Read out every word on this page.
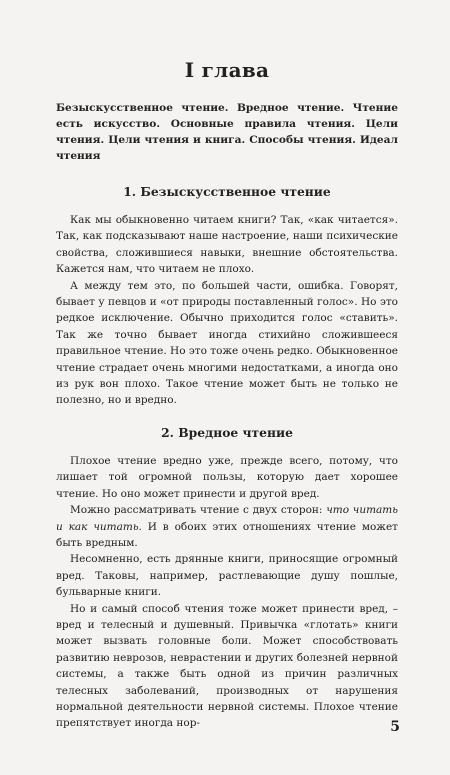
I глава

Безыскусственное чтение. Вредное чтение. Чтение есть искусство. Основные правила чтения. Цели чтения. Цели чтения и книга. Способы чтения. Идеал чтения

1. Безыскусственное чтение

Как мы обыкновенно читаем книги? Так, «как читается». Так, как подсказывают наше настроение, наши психические свойства, сложившиеся навыки, внешние обстоятельства. Кажется нам, что читаем не плохо.

А между тем это, по большей части, ошибка. Говорят, бывает у певцов и «от природы поставленный голос». Но это редкое исключение. Обычно приходится голос «ставить». Так же точно бывает иногда стихийно сложившееся правильное чтение. Но это тоже очень редко. Обыкновенное чтение страдает очень многими недостатками, а иногда оно из рук вон плохо. Такое чтение может быть не только не полезно, но и вредно.

2. Вредное чтение

Плохое чтение вредно уже, прежде всего, потому, что лишает той огромной пользы, которую дает хорошее чтение. Но оно может принести и другой вред.

Можно рассматривать чтение с двух сторон: что читать и как читать. И в обоих этих отношениях чтение может быть вредным.

Несомненно, есть дрянные книги, приносящие огромный вред. Таковы, например, растлевающие душу пошлые, бульварные книги.

Но и самый способ чтения тоже может принести вред, – вред и телесный и душевный. Привычка «глотать» книги может вызвать головные боли. Может способствовать развитию неврозов, неврастении и других болезней нервной системы, а также быть одной из причин различных телесных заболеваний, производных от нарушения нормальной деятельности нервной системы. Плохое чтение препятствует иногда нор-	5
